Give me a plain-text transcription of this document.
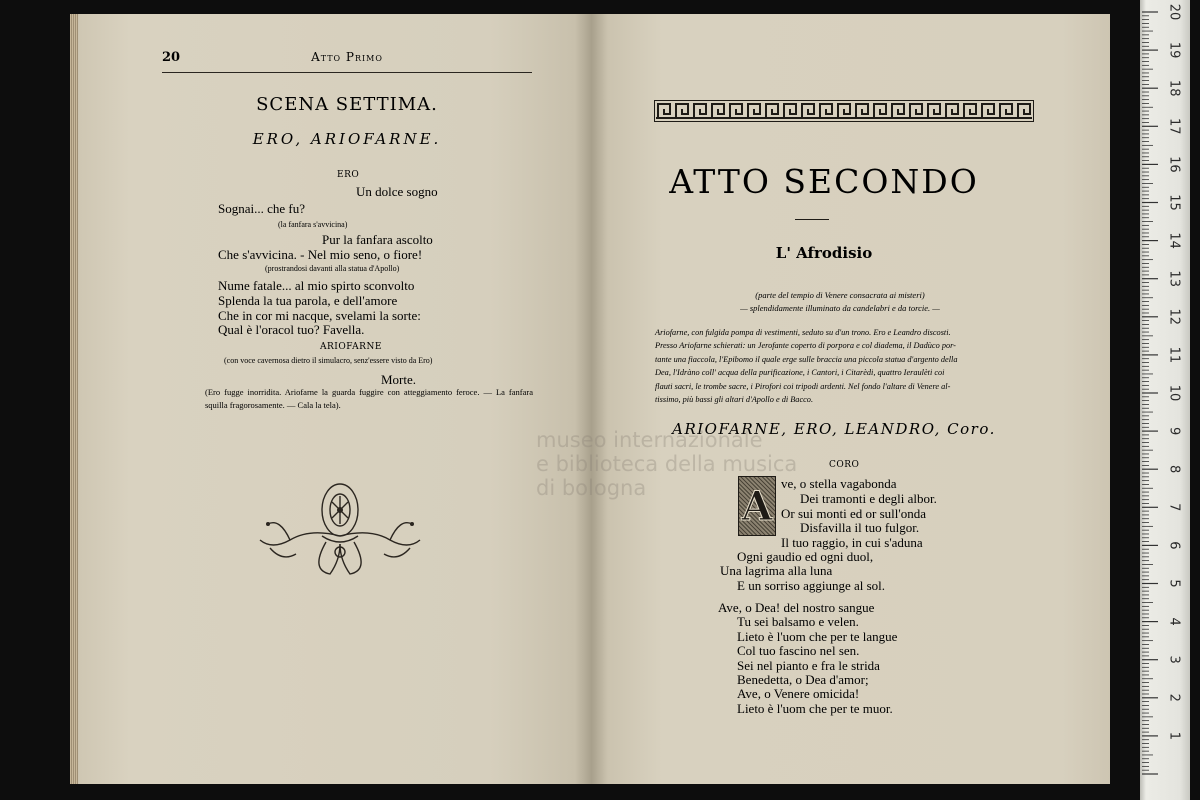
20	Atto Primo
SCENA SETTIMA.
ERO, ARIOFARNE.
ERO
Un dolce sogno
Sognai... che fu?
(la fanfara s'avvicina)
Pur la fanfara ascolto
Che s'avvicina. - Nel mio seno, o fiore!
(prostrandosi davanti alla statua d'Apollo)
Nume fatale... al mio spirto sconvolto
Splenda la tua parola, e dell'amore
Che in cor mi nacque, svelami la sorte:
Qual è l'oracol tuo? Favella.
ARIOFARNE
(con voce cavernosa dietro il simulacro, senz'essere visto da Ero)
Morte.
(Ero fugge inorridita. Ariofarne la guarda fuggire con atteggiamento feroce. — La fanfara squilla fragorosamente. — Cala la tela).
ATTO SECONDO
L' Afrodisio
(parte del tempio di Venere consacrata ai misteri)
— splendidamente illuminato da candelabri e da torcie. —
Ariofarne, con fulgida pompa di vestimenti, seduto su d'un trono. Ero e Leandro discosti.
Presso Ariofarne schierati: un Jerofante coperto di porpora e col diadema, il Dadùco por-
tante una fiaccola, l'Epibomo il quale erge sulle braccia una piccola statua d'argento della
Dea, l'Idràno coll' acqua della purificazione, i Cantori, i Citarèdi, quattro Ieraulèti coi
flauti sacri, le trombe sacre, i Pirofori coi tripodi ardenti. Nel fondo l'altare di Venere al-
tissimo, più bassi gli altari d'Apollo e di Bacco.
ARIOFARNE, ERO, LEANDRO, Coro.
museo internazionale
e biblioteca della musica
di bologna
CORO
A ve, o stella vagabonda
Dei tramonti e degli albor.
Or sui monti ed or sull'onda
Disfavilla il tuo fulgor.
Il tuo raggio, in cui s'aduna
Ogni gaudio ed ogni duol,
Una lagrima alla luna
E un sorriso aggiunge al sol.
Ave, o Dea! del nostro sangue
Tu sei balsamo e velen.
Lieto è l'uom che per te langue
Col tuo fascino nel sen.
Sei nel pianto e fra le strida
Benedetta, o Dea d'amor;
Ave, o Venere omicida!
Lieto è l'uom che per te muor.
1
2
3
4
5
6
7
8
9
10
11
12
13
14
15
16
17
18
19
20
